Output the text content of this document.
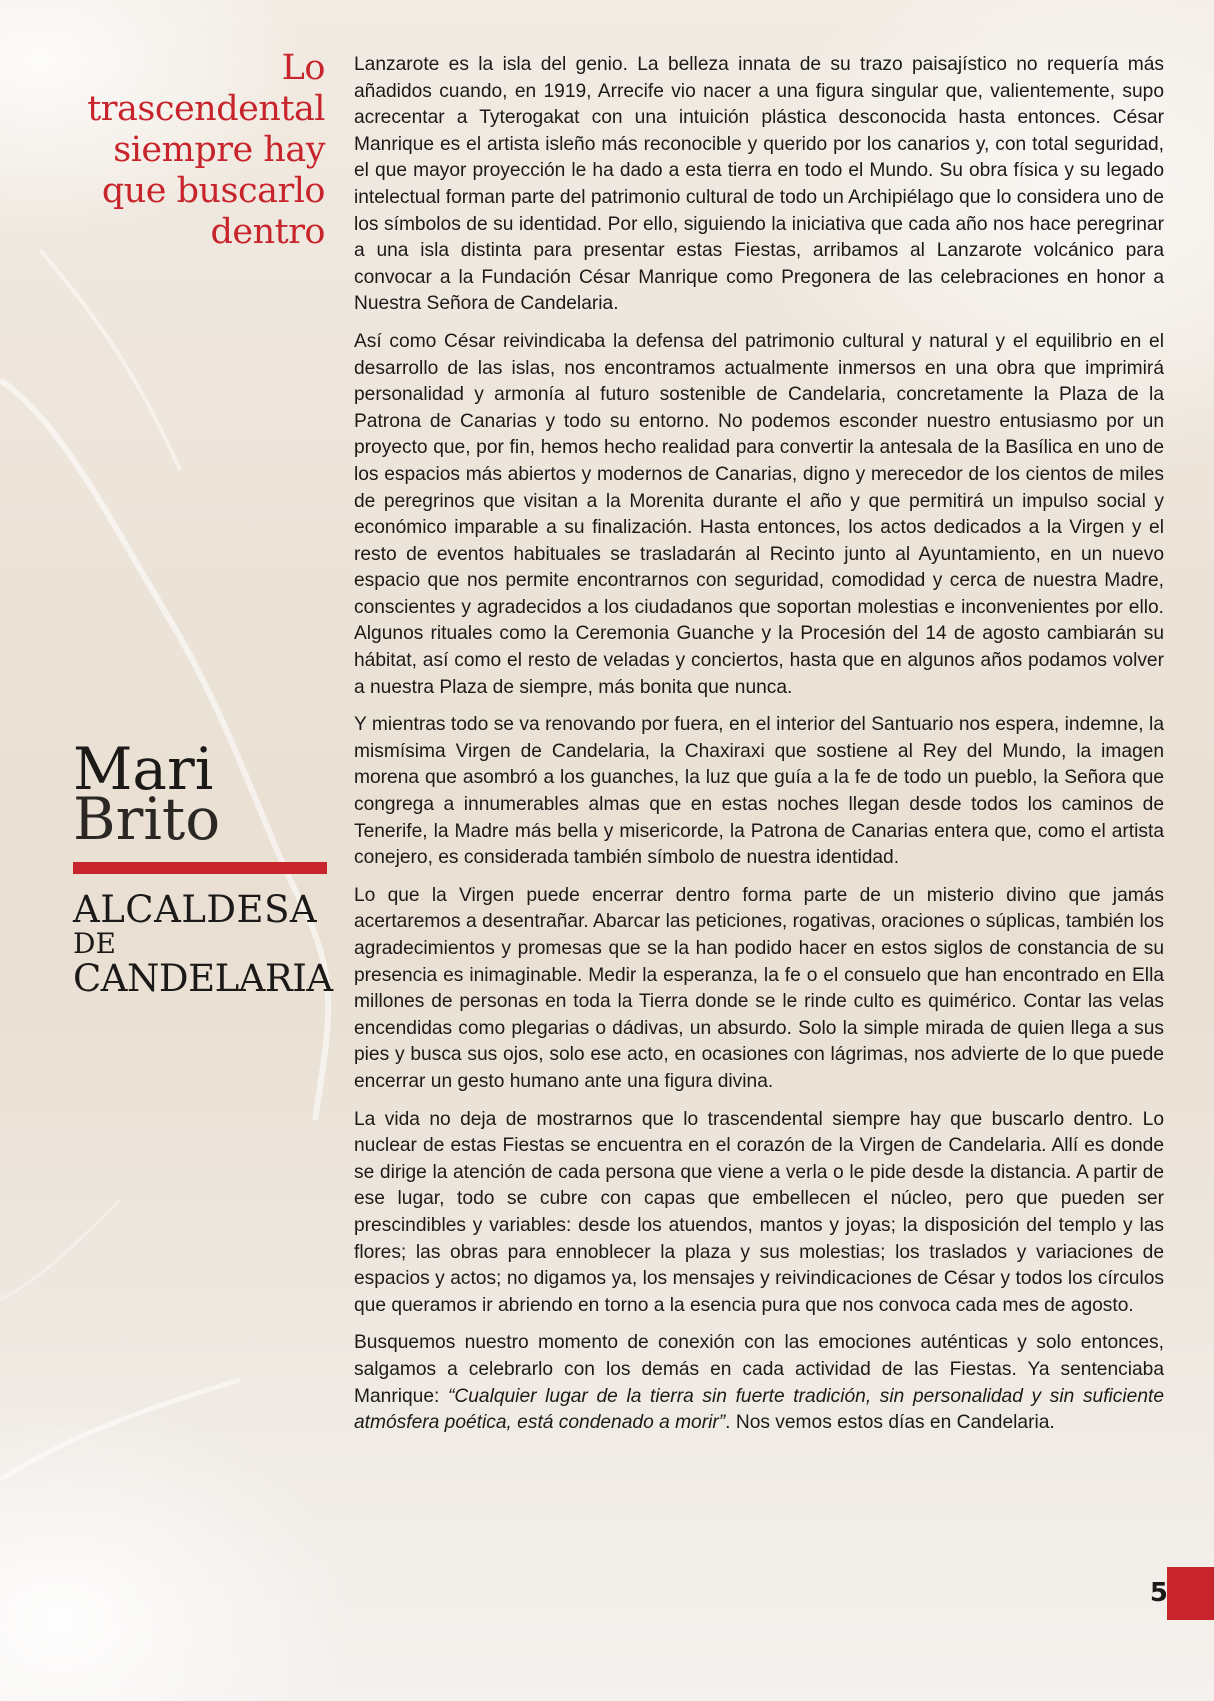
Lo
trascendental
siempre hay
que buscarlo
dentro
Mari
Brito
ALCALDESA
DE
CANDELARIA

Lanzarote es la isla del genio. La belleza innata de su trazo paisajístico no requería más añadidos cuando, en 1919, Arrecife vio nacer a una figura singular que, valientemente, supo acrecentar a Tyterogakat con una intuición plástica desconocida hasta entonces. César Manrique es el artista isleño más reconocible y querido por los canarios y, con total seguridad, el que mayor proyección le ha dado a esta tierra en todo el Mundo. Su obra física y su legado intelectual forman parte del patrimonio cultural de todo un Archipiélago que lo considera uno de los símbolos de su identidad. Por ello, siguiendo la iniciativa que cada año nos hace peregrinar a una isla distinta para presentar estas Fiestas, arribamos al Lanzarote volcánico para convocar a la Fundación César Manrique como Pregonera de las celebraciones en honor a Nuestra Señora de Candelaria.

Así como César reivindicaba la defensa del patrimonio cultural y natural y el equilibrio en el desarrollo de las islas, nos encontramos actualmente inmersos en una obra que imprimirá personalidad y armonía al futuro sostenible de Candelaria, concretamente la Plaza de la Patrona de Canarias y todo su entorno. No podemos esconder nuestro entusiasmo por un proyecto que, por fin, hemos hecho realidad para convertir la antesala de la Basílica en uno de los espacios más abiertos y modernos de Canarias, digno y merecedor de los cientos de miles de peregrinos que visitan a la Morenita durante el año y que permitirá un impulso social y económico imparable a su finalización. Hasta entonces, los actos dedicados a la Virgen y el resto de eventos habituales se trasladarán al Recinto junto al Ayuntamiento, en un nuevo espacio que nos permite encontrarnos con seguridad, comodidad y cerca de nuestra Madre, conscientes y agradecidos a los ciudadanos que soportan molestias e inconvenientes por ello. Algunos rituales como la Ceremonia Guanche y la Procesión del 14 de agosto cambiarán su hábitat, así como el resto de veladas y conciertos, hasta que en algunos años podamos volver a nuestra Plaza de siempre, más bonita que nunca.

Y mientras todo se va renovando por fuera, en el interior del Santuario nos espera, indemne, la mismísima Virgen de Candelaria, la Chaxiraxi que sostiene al Rey del Mundo, la imagen morena que asombró a los guanches, la luz que guía a la fe de todo un pueblo, la Señora que congrega a innumerables almas que en estas noches llegan desde todos los caminos de Tenerife, la Madre más bella y misericorde, la Patrona de Canarias entera que, como el artista conejero, es considerada también símbolo de nuestra identidad.

Lo que la Virgen puede encerrar dentro forma parte de un misterio divino que jamás acertaremos a desentrañar. Abarcar las peticiones, rogativas, oraciones o súplicas, también los agradecimientos y promesas que se la han podido hacer en estos siglos de constancia de su presencia es inimaginable. Medir la esperanza, la fe o el consuelo que han encontrado en Ella millones de personas en toda la Tierra donde se le rinde culto es quimérico. Contar las velas encendidas como plegarias o dádivas, un absurdo. Solo la simple mirada de quien llega a sus pies y busca sus ojos, solo ese acto, en ocasiones con lágrimas, nos advierte de lo que puede encerrar un gesto humano ante una figura divina.

La vida no deja de mostrarnos que lo trascendental siempre hay que buscarlo dentro. Lo nuclear de estas Fiestas se encuentra en el corazón de la Virgen de Candelaria. Allí es donde se dirige la atención de cada persona que viene a verla o le pide desde la distancia. A partir de ese lugar, todo se cubre con capas que embellecen el núcleo, pero que pueden ser prescindibles y variables: desde los atuendos, mantos y joyas; la disposición del templo y las flores; las obras para ennoblecer la plaza y sus molestias; los traslados y variaciones de espacios y actos; no digamos ya, los mensajes y reivindicaciones de César y todos los círculos que queramos ir abriendo en torno a la esencia pura que nos convoca cada mes de agosto.

Busquemos nuestro momento de conexión con las emociones auténticas y solo entonces, salgamos a celebrarlo con los demás en cada actividad de las Fiestas. Ya sentenciaba Manrique: “Cualquier lugar de la tierra sin fuerte tradición, sin personalidad y sin suficiente atmósfera poética, está condenado a morir”. Nos vemos estos días en Candelaria.

5
